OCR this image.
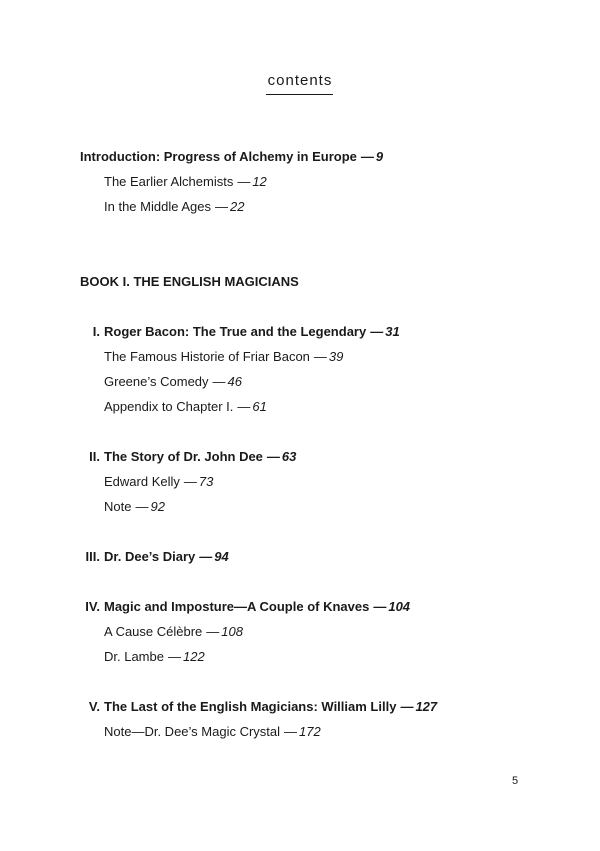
contents
Introduction: Progress of Alchemy in Europe — 9
The Earlier Alchemists — 12
In the Middle Ages — 22
BOOK I. THE ENGLISH MAGICIANS
I. Roger Bacon: The True and the Legendary — 31
The Famous Historie of Friar Bacon — 39
Greene’s Comedy — 46
Appendix to Chapter I. — 61
II. The Story of Dr. John Dee — 63
Edward Kelly — 73
Note — 92
III. Dr. Dee’s Diary — 94
IV. Magic and Imposture—A Couple of Knaves — 104
A Cause Célèbre — 108
Dr. Lambe — 122
V. The Last of the English Magicians: William Lilly — 127
Note—Dr. Dee’s Magic Crystal — 172
5
